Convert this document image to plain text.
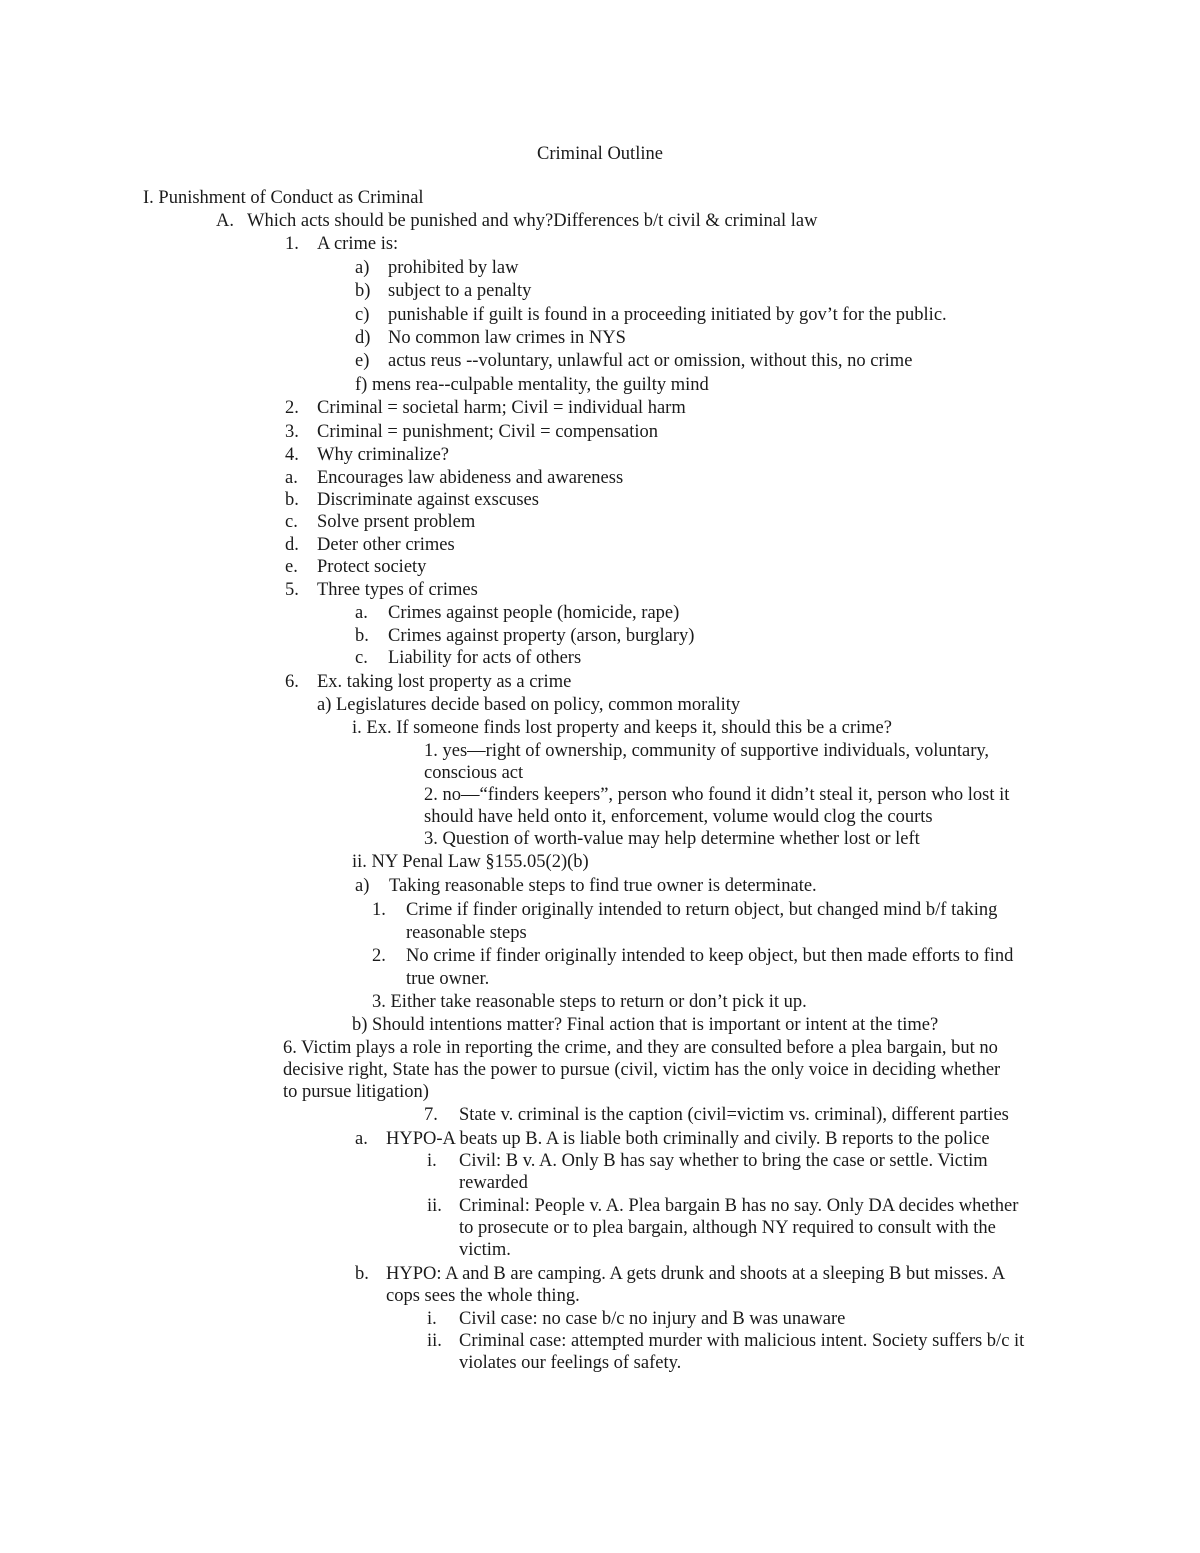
Criminal Outline
I. Punishment of Conduct as Criminal
A. Which acts should be punished and why?Differences b/t civil & criminal law
1. A crime is:
a) prohibited by law
b) subject to a penalty
c) punishable if guilt is found in a proceeding initiated by gov’t for the public.
d) No common law crimes in NYS
e) actus reus --voluntary, unlawful act or omission, without this, no crime
f) mens rea--culpable mentality, the guilty mind
2. Criminal = societal harm; Civil = individual harm
3. Criminal = punishment; Civil = compensation
4. Why criminalize?
a. Encourages law abideness and awareness
b. Discriminate against exscuses
c. Solve prsent problem
d. Deter other crimes
e. Protect society
5. Three types of crimes
a. Crimes against people (homicide, rape)
b. Crimes against property (arson, burglary)
c. Liability for acts of others
6. Ex. taking lost property as a crime
a) Legislatures decide based on policy, common morality
i. Ex. If someone finds lost property and keeps it, should this be a crime?
1. yes—right of ownership, community of supportive individuals, voluntary,
conscious act
2. no—“finders keepers”, person who found it didn’t steal it, person who lost it
should have held onto it, enforcement, volume would clog the courts
3. Question of worth-value may help determine whether lost or left
ii. NY Penal Law §155.05(2)(b)
a) Taking reasonable steps to find true owner is determinate.
1. Crime if finder originally intended to return object, but changed mind b/f taking
reasonable steps
2. No crime if finder originally intended to keep object, but then made efforts to find
true owner.
3. Either take reasonable steps to return or don’t pick it up.
b) Should intentions matter? Final action that is important or intent at the time?
6. Victim plays a role in reporting the crime, and they are consulted before a plea bargain, but no
decisive right, State has the power to pursue (civil, victim has the only voice in deciding whether
to pursue litigation)
7. State v. criminal is the caption (civil=victim vs. criminal), different parties
a. HYPO-A beats up B. A is liable both criminally and civily. B reports to the police
i. Civil: B v. A. Only B has say whether to bring the case or settle. Victim
rewarded
ii. Criminal: People v. A. Plea bargain B has no say. Only DA decides whether
to prosecute or to plea bargain, although NY required to consult with the
victim.
b. HYPO: A and B are camping. A gets drunk and shoots at a sleeping B but misses. A
cops sees the whole thing.
i. Civil case: no case b/c no injury and B was unaware
ii. Criminal case: attempted murder with malicious intent. Society suffers b/c it
violates our feelings of safety.
